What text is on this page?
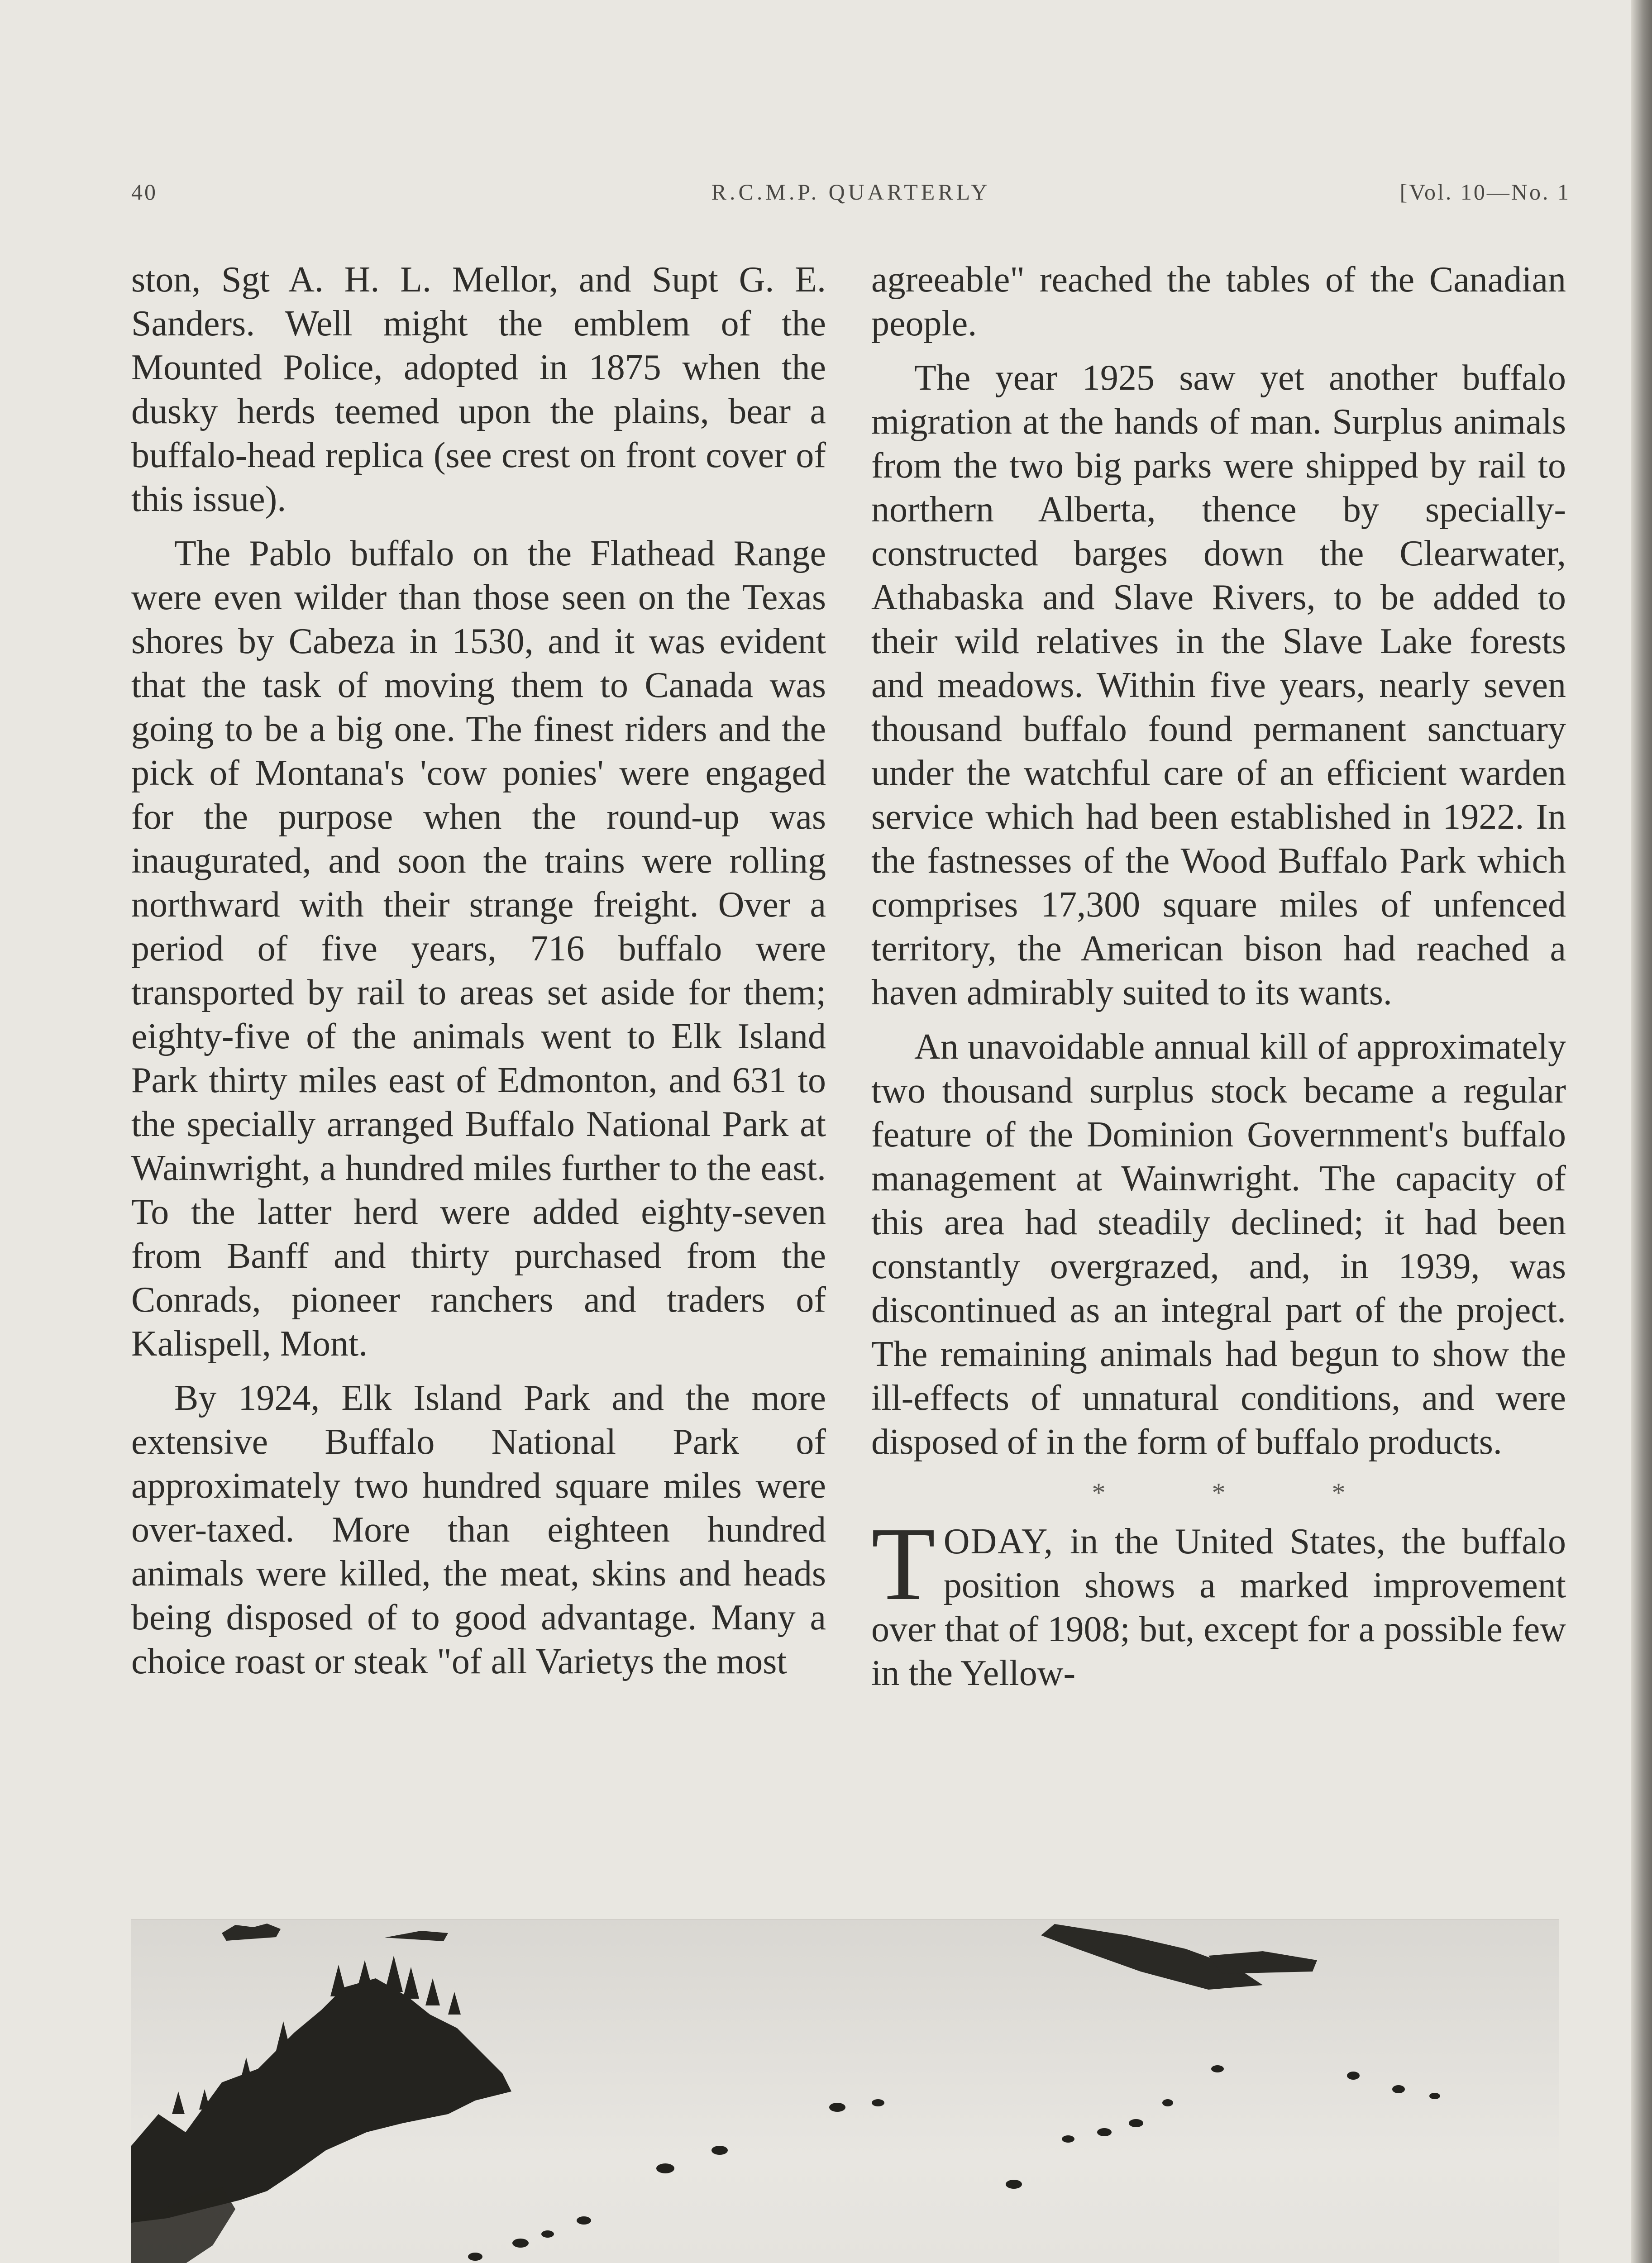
40	R.C.M.P. QUARTERLY	[Vol. 10—No. 1

ston, Sgt A. H. L. Mellor, and Supt G. E. Sanders. Well might the emblem of the Mounted Police, adopted in 1875 when the dusky herds teemed upon the plains, bear a buffalo-head replica (see crest on front cover of this issue).

The Pablo buffalo on the Flathead Range were even wilder than those seen on the Texas shores by Cabeza in 1530, and it was evident that the task of moving them to Canada was going to be a big one. The finest riders and the pick of Montana's 'cow ponies' were engaged for the purpose when the round-up was inaugurated, and soon the trains were rolling northward with their strange freight. Over a period of five years, 716 buffalo were transported by rail to areas set aside for them; eighty-five of the animals went to Elk Island Park thirty miles east of Edmonton, and 631 to the specially arranged Buffalo National Park at Wainwright, a hundred miles further to the east. To the latter herd were added eighty-seven from Banff and thirty purchased from the Conrads, pioneer ranchers and traders of Kalispell, Mont.

By 1924, Elk Island Park and the more extensive Buffalo National Park of approximately two hundred square miles were over-taxed. More than eighteen hundred animals were killed, the meat, skins and heads being disposed of to good advantage. Many a choice roast or steak "of all Varietys the most

agreeable" reached the tables of the Canadian people.

The year 1925 saw yet another buffalo migration at the hands of man. Surplus animals from the two big parks were shipped by rail to northern Alberta, thence by specially-constructed barges down the Clearwater, Athabaska and Slave Rivers, to be added to their wild relatives in the Slave Lake forests and meadows. Within five years, nearly seven thousand buffalo found permanent sanctuary under the watchful care of an efficient warden service which had been established in 1922. In the fastnesses of the Wood Buffalo Park which comprises 17,300 square miles of unfenced territory, the American bison had reached a haven admirably suited to its wants.

An unavoidable annual kill of approximately two thousand surplus stock became a regular feature of the Dominion Government's buffalo management at Wainwright. The capacity of this area had steadily declined; it had been constantly overgrazed, and, in 1939, was discontinued as an integral part of the project. The remaining animals had begun to show the ill-effects of unnatural conditions, and were disposed of in the form of buffalo products.

* * *

TODAY, in the United States, the buffalo position shows a marked improvement over that of 1908; but, except for a possible few in the Yellow-
